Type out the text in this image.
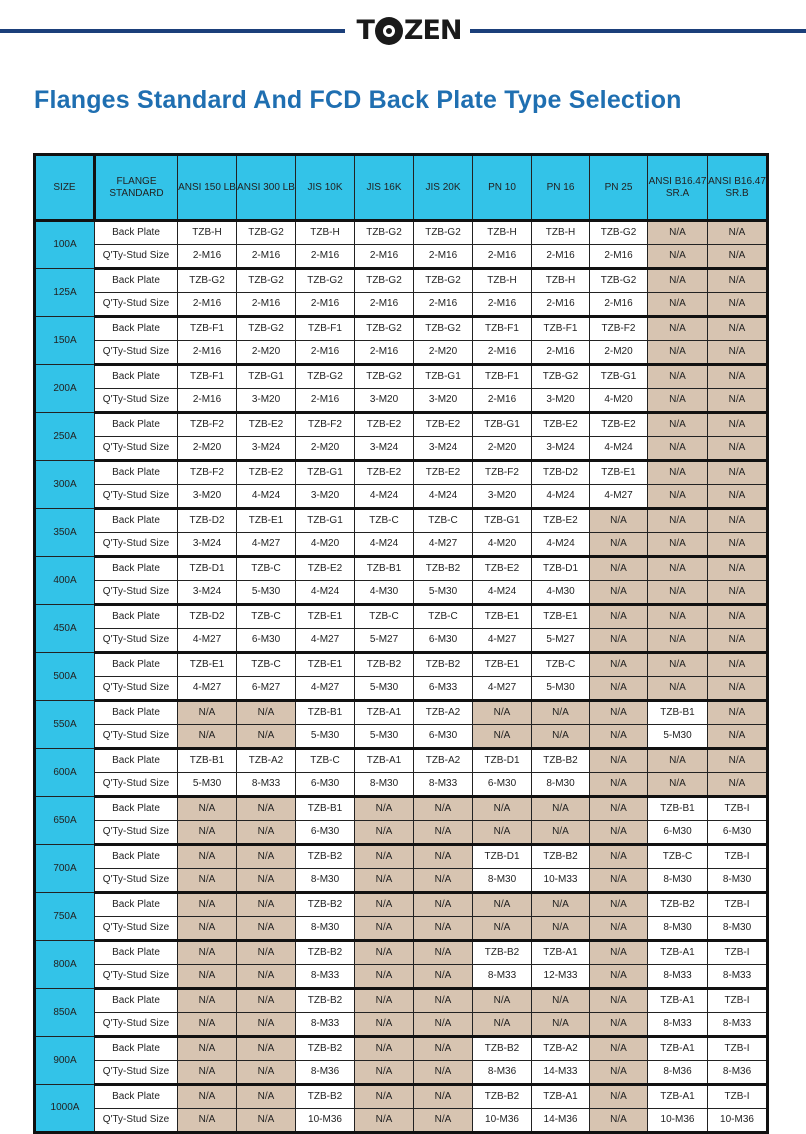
T ZEN
Flanges Standard And FCD Back Plate Type Selection
SIZE	FLANGE STANDARD	ANSI 150 LB	ANSI 300 LB	JIS 10K	JIS 16K	JIS 20K	PN 10	PN 16	PN 25	ANSI B16.47 SR.A	ANSI B16.47 SR.B
100A	Back Plate	TZB-H	TZB-G2	TZB-H	TZB-G2	TZB-G2	TZB-H	TZB-H	TZB-G2	N/A	N/A
	Q'Ty-Stud Size	2-M16	2-M16	2-M16	2-M16	2-M16	2-M16	2-M16	2-M16	N/A	N/A
125A	Back Plate	TZB-G2	TZB-G2	TZB-G2	TZB-G2	TZB-G2	TZB-H	TZB-H	TZB-G2	N/A	N/A
	Q'Ty-Stud Size	2-M16	2-M16	2-M16	2-M16	2-M16	2-M16	2-M16	2-M16	N/A	N/A
150A	Back Plate	TZB-F1	TZB-G2	TZB-F1	TZB-G2	TZB-G2	TZB-F1	TZB-F1	TZB-F2	N/A	N/A
	Q'Ty-Stud Size	2-M16	2-M20	2-M16	2-M16	2-M20	2-M16	2-M16	2-M20	N/A	N/A
200A	Back Plate	TZB-F1	TZB-G1	TZB-G2	TZB-G2	TZB-G1	TZB-F1	TZB-G2	TZB-G1	N/A	N/A
	Q'Ty-Stud Size	2-M16	3-M20	2-M16	3-M20	3-M20	2-M16	3-M20	4-M20	N/A	N/A
250A	Back Plate	TZB-F2	TZB-E2	TZB-F2	TZB-E2	TZB-E2	TZB-G1	TZB-E2	TZB-E2	N/A	N/A
	Q'Ty-Stud Size	2-M20	3-M24	2-M20	3-M24	3-M24	2-M20	3-M24	4-M24	N/A	N/A
300A	Back Plate	TZB-F2	TZB-E2	TZB-G1	TZB-E2	TZB-E2	TZB-F2	TZB-D2	TZB-E1	N/A	N/A
	Q'Ty-Stud Size	3-M20	4-M24	3-M20	4-M24	4-M24	3-M20	4-M24	4-M27	N/A	N/A
350A	Back Plate	TZB-D2	TZB-E1	TZB-G1	TZB-C	TZB-C	TZB-G1	TZB-E2	N/A	N/A	N/A
	Q'Ty-Stud Size	3-M24	4-M27	4-M20	4-M24	4-M27	4-M20	4-M24	N/A	N/A	N/A
400A	Back Plate	TZB-D1	TZB-C	TZB-E2	TZB-B1	TZB-B2	TZB-E2	TZB-D1	N/A	N/A	N/A
	Q'Ty-Stud Size	3-M24	5-M30	4-M24	4-M30	5-M30	4-M24	4-M30	N/A	N/A	N/A
450A	Back Plate	TZB-D2	TZB-C	TZB-E1	TZB-C	TZB-C	TZB-E1	TZB-E1	N/A	N/A	N/A
	Q'Ty-Stud Size	4-M27	6-M30	4-M27	5-M27	6-M30	4-M27	5-M27	N/A	N/A	N/A
500A	Back Plate	TZB-E1	TZB-C	TZB-E1	TZB-B2	TZB-B2	TZB-E1	TZB-C	N/A	N/A	N/A
	Q'Ty-Stud Size	4-M27	6-M27	4-M27	5-M30	6-M33	4-M27	5-M30	N/A	N/A	N/A
550A	Back Plate	N/A	N/A	TZB-B1	TZB-A1	TZB-A2	N/A	N/A	N/A	TZB-B1	N/A
	Q'Ty-Stud Size	N/A	N/A	5-M30	5-M30	6-M30	N/A	N/A	N/A	5-M30	N/A
600A	Back Plate	TZB-B1	TZB-A2	TZB-C	TZB-A1	TZB-A2	TZB-D1	TZB-B2	N/A	N/A	N/A
	Q'Ty-Stud Size	5-M30	8-M33	6-M30	8-M30	8-M33	6-M30	8-M30	N/A	N/A	N/A
650A	Back Plate	N/A	N/A	TZB-B1	N/A	N/A	N/A	N/A	N/A	TZB-B1	TZB-I
	Q'Ty-Stud Size	N/A	N/A	6-M30	N/A	N/A	N/A	N/A	N/A	6-M30	6-M30
700A	Back Plate	N/A	N/A	TZB-B2	N/A	N/A	TZB-D1	TZB-B2	N/A	TZB-C	TZB-I
	Q'Ty-Stud Size	N/A	N/A	8-M30	N/A	N/A	8-M30	10-M33	N/A	8-M30	8-M30
750A	Back Plate	N/A	N/A	TZB-B2	N/A	N/A	N/A	N/A	N/A	TZB-B2	TZB-I
	Q'Ty-Stud Size	N/A	N/A	8-M30	N/A	N/A	N/A	N/A	N/A	8-M30	8-M30
800A	Back Plate	N/A	N/A	TZB-B2	N/A	N/A	TZB-B2	TZB-A1	N/A	TZB-A1	TZB-I
	Q'Ty-Stud Size	N/A	N/A	8-M33	N/A	N/A	8-M33	12-M33	N/A	8-M33	8-M33
850A	Back Plate	N/A	N/A	TZB-B2	N/A	N/A	N/A	N/A	N/A	TZB-A1	TZB-I
	Q'Ty-Stud Size	N/A	N/A	8-M33	N/A	N/A	N/A	N/A	N/A	8-M33	8-M33
900A	Back Plate	N/A	N/A	TZB-B2	N/A	N/A	TZB-B2	TZB-A2	N/A	TZB-A1	TZB-I
	Q'Ty-Stud Size	N/A	N/A	8-M36	N/A	N/A	8-M36	14-M33	N/A	8-M36	8-M36
1000A	Back Plate	N/A	N/A	TZB-B2	N/A	N/A	TZB-B2	TZB-A1	N/A	TZB-A1	TZB-I
	Q'Ty-Stud Size	N/A	N/A	10-M36	N/A	N/A	10-M36	14-M36	N/A	10-M36	10-M36
